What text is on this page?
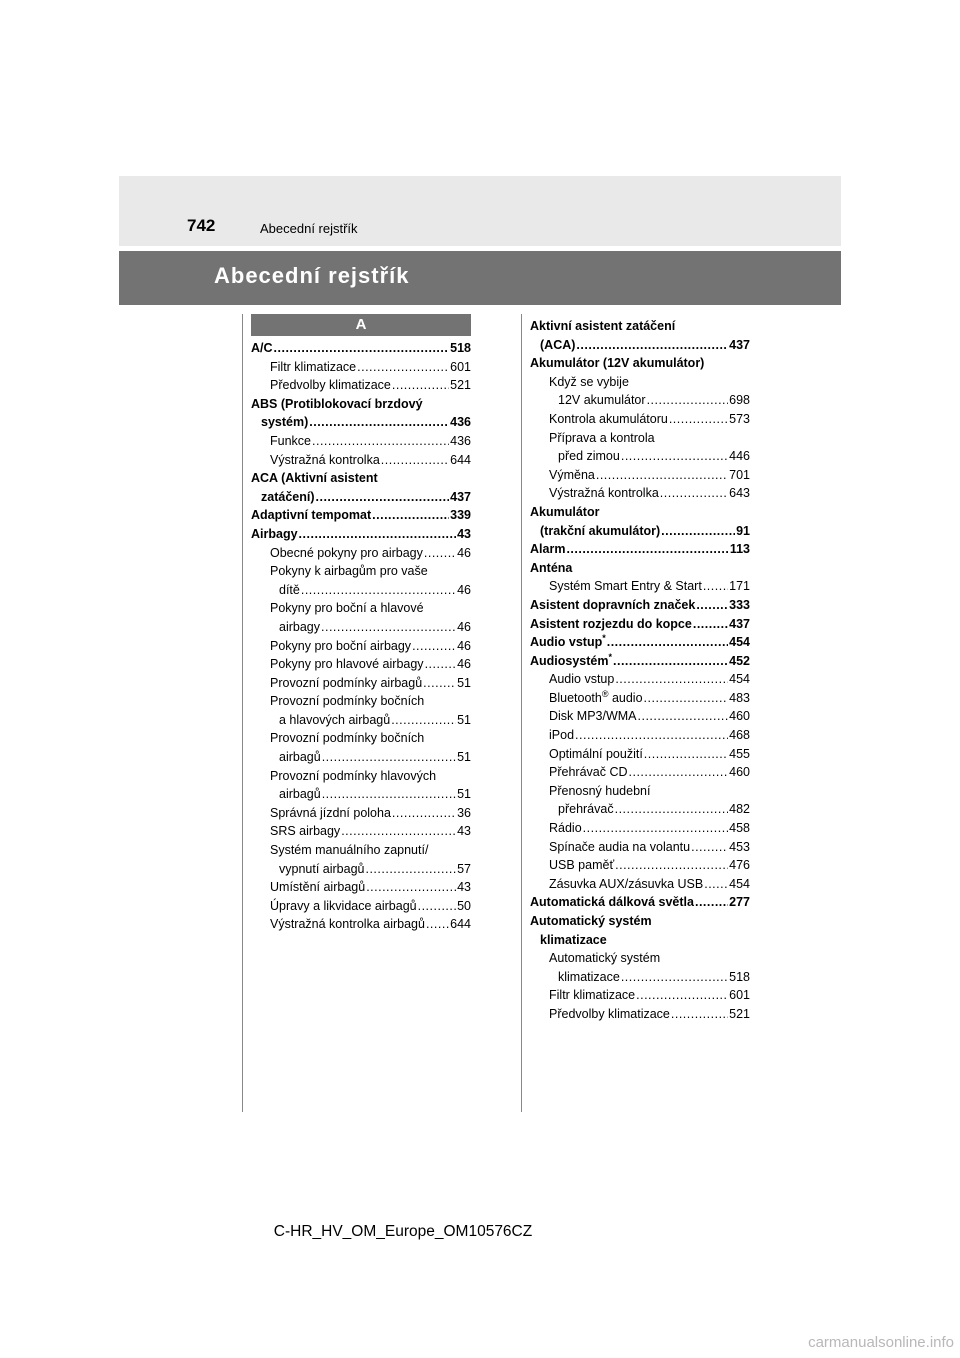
742	Abecední rejstřík
Abecední rejstřík
A
A/C .....	518
Filtr klimatizace .....	601
Předvolby klimatizace .....	521
ABS (Protiblokovací brzdový
systém) .....	436
Funkce .....	436
Výstražná kontrolka .....	644
ACA (Aktivní asistent
zatáčení) .....	437
Adaptivní tempomat .....	339
Airbagy .....	43
Obecné pokyny pro airbagy .....	46
Pokyny k airbagům pro vaše
dítě .....	46
Pokyny pro boční a hlavové
airbagy .....	46
Pokyny pro boční airbagy .....	46
Pokyny pro hlavové airbagy .....	46
Provozní podmínky airbagů .....	51
Provozní podmínky bočních
a hlavových airbagů .....	51
Provozní podmínky bočních
airbagů .....	51
Provozní podmínky hlavových
airbagů .....	51
Správná jízdní poloha .....	36
SRS airbagy .....	43
Systém manuálního zapnutí/
vypnutí airbagů .....	57
Umístění airbagů .....	43
Úpravy a likvidace airbagů .....	50
Výstražná kontrolka airbagů ..... 644
Aktivní asistent zatáčení
(ACA) .....	437
Akumulátor (12V akumulátor)
Když se vybije
12V akumulátor .....	698
Kontrola akumulátoru .....	573
Příprava a kontrola
před zimou .....	446
Výměna .....	701
Výstražná kontrolka .....	643
Akumulátor
(trakční akumulátor) .....	91
Alarm .....	113
Anténa
Systém Smart Entry & Start ..... 171
Asistent dopravních značek .....	333
Asistent rozjezdu do kopce .....	437
Audio vstup* .....	454
Audiosystém* .....	452
Audio vstup .....	454
Bluetooth® audio .....	483
Disk MP3/WMA .....	460
iPod .....	468
Optimální použití .....	455
Přehrávač CD .....	460
Přenosný hudební
přehrávač .....	482
Rádio .....	458
Spínače audia na volantu .....	453
USB paměť .....	476
Zásuvka AUX/zásuvka USB ..... 454
Automatická dálková světla .....	277
Automatický systém
klimatizace
Automatický systém
klimatizace .....	518
Filtr klimatizace .....	601
Předvolby klimatizace .....	521
C-HR_HV_OM_Europe_OM10576CZ
carmanualsonline.info
